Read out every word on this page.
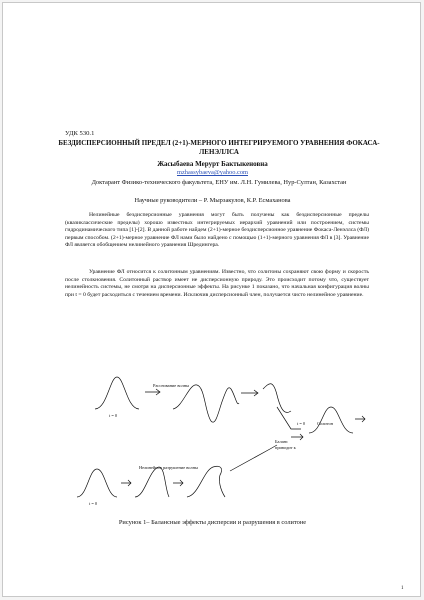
УДК 530.1
БЕЗДИСПЕРСИОННЫЙ ПРЕДЕЛ (2+1)-МЕРНОГО ИНТЕГРИРУЕМОГО УРАВНЕНИЯ ФОКАСА-ЛЕНЭЛЛСА
Жасыбаева Мерурт Бактыкеновна
mzhassybaeva@yahoo.com
Доктарант Физико-технического факультета, ЕНУ им. Л.Н. Гумилева, Нур-Султан, Казахстан
Научные руководители – Р. Мырзакулов, К.Р. Есмаханова

Нелинейные бездисперсионные уравнения могут быть получены как бездисперсионные пределы (квазиклассические пределы) хорошо известных интегрируемых иерархий уравнений или построением, системы гидродинамического типа [1]-[2]. В данной работе найдем (2+1)-мерное бездисперсионное уравнение Фокаса-Ленэллса (ФЛ) первым способом. (2+1)-мерное уравнение ФЛ нами было найдено с помощью (1+1)-мерного уравнения ФЛ в [3]. Уравнение ФЛ является обобщением нелинейного уравнения Шредингера.

Уравнение ФЛ относится к солитонным уравнениям. Известно, что солитоны сохраняют свою форму и скорость после столкновения. Солитонный раствор имеет не дисперсионную природу. Это происходит потому что, существует нелинейность системы, не смотря на дисперсионные эффекты. На рисунке 1 показано, что начальная конфигурация волны при t = 0 будет расходиться с течением времени. Исключив дисперсионный член, получается чисто нелинейное уравнение.

Рассеивание волны
Нелинейное разрушение волны
Баланс
приводит к
Солитон
t = 0
t = 0
t = 0
Рисунок 1– Балансные эффекты дисперсии и разрушения в солитоне
1
